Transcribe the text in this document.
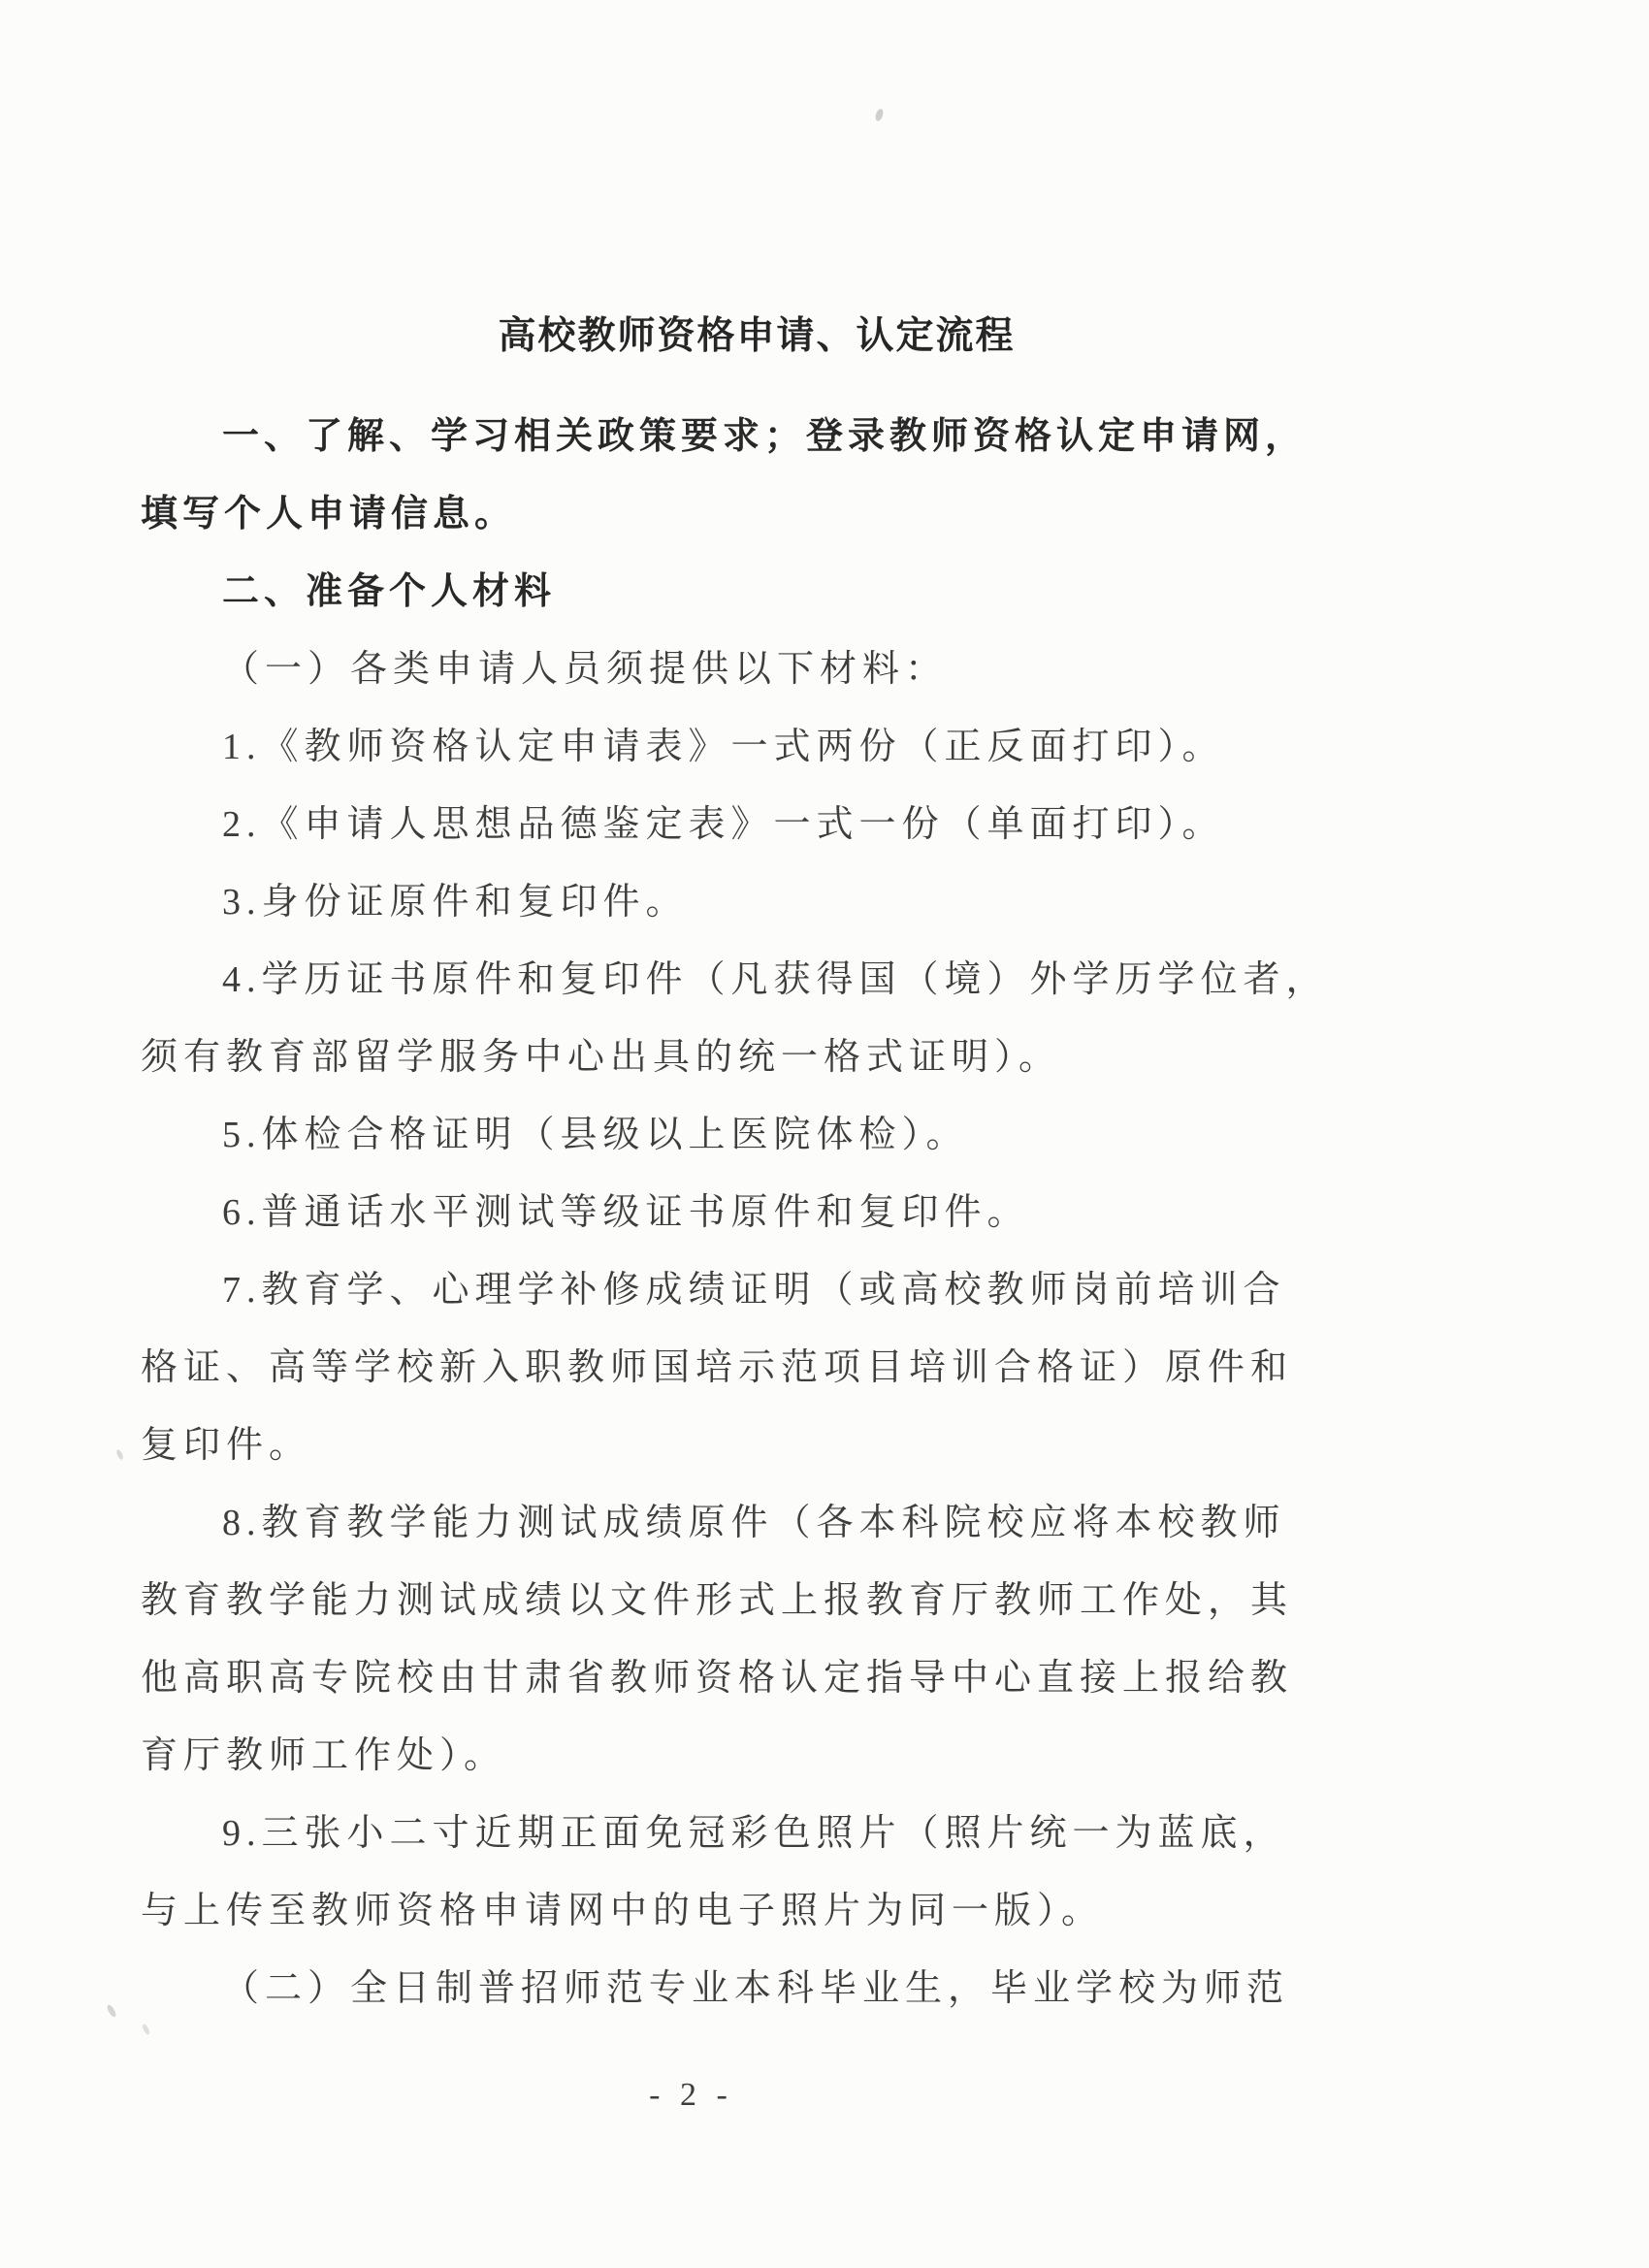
高校教师资格申请、认定流程
一、了解、学习相关政策要求；登录教师资格认定申请网，
填写个人申请信息。
二、准备个人材料
（一）各类申请人员须提供以下材料：
1.《教师资格认定申请表》一式两份（正反面打印）。
2.《申请人思想品德鉴定表》一式一份（单面打印）。
3.身份证原件和复印件。
4.学历证书原件和复印件（凡获得国（境）外学历学位者，
须有教育部留学服务中心出具的统一格式证明）。
5.体检合格证明（县级以上医院体检）。
6.普通话水平测试等级证书原件和复印件。
7.教育学、心理学补修成绩证明（或高校教师岗前培训合
格证、高等学校新入职教师国培示范项目培训合格证）原件和
复印件。
8.教育教学能力测试成绩原件（各本科院校应将本校教师
教育教学能力测试成绩以文件形式上报教育厅教师工作处，其
他高职高专院校由甘肃省教师资格认定指导中心直接上报给教
育厅教师工作处）。
9.三张小二寸近期正面免冠彩色照片（照片统一为蓝底，
与上传至教师资格申请网中的电子照片为同一版）。
（二）全日制普招师范专业本科毕业生，毕业学校为师范
- 2 -
